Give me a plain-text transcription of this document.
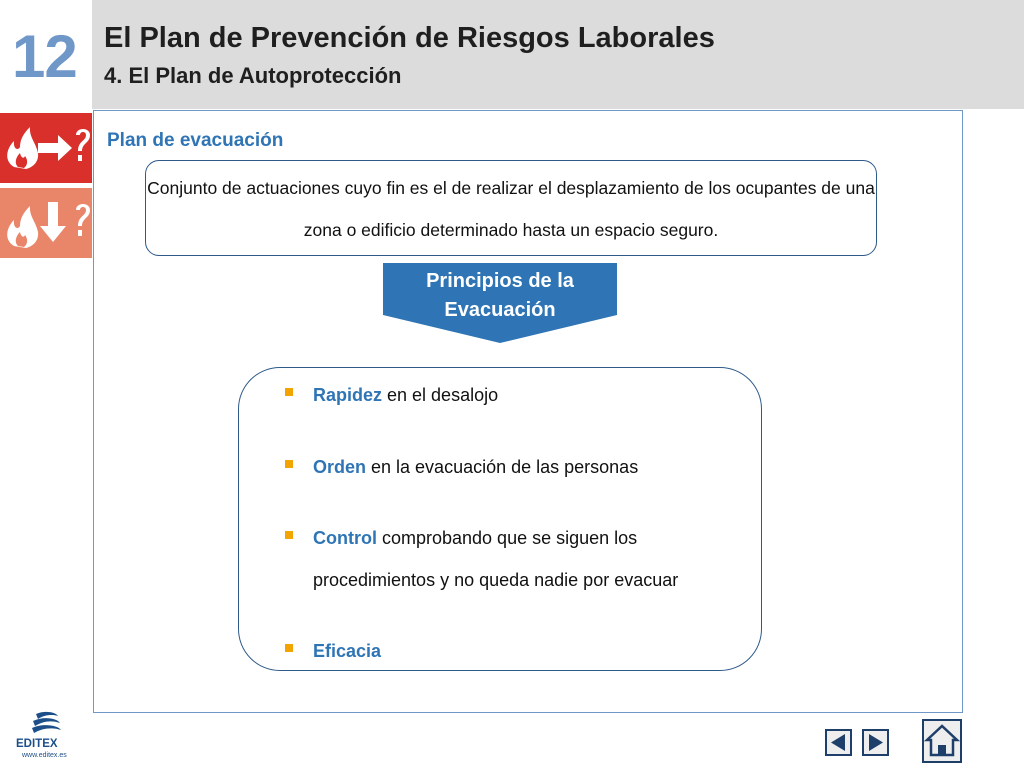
12 El Plan de Prevención de Riesgos Laborales
4. El Plan de Autoprotección
Plan de evacuación
Conjunto de actuaciones cuyo fin es el de realizar el desplazamiento de los ocupantes de una zona o edificio determinado hasta un espacio seguro.
Principios de la Evacuación
Rapidez en el desalojo
Orden en la evacuación de las personas
Control comprobando que se siguen los procedimientos y no queda nadie por evacuar
Eficacia
EDITEX
www.editex.es
